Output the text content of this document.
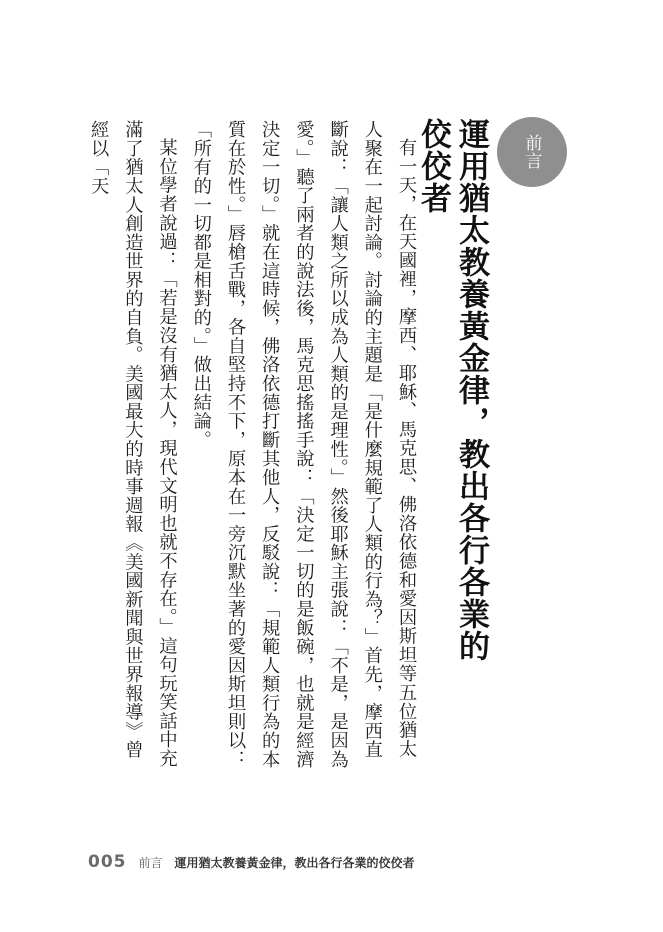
前言
運用猶太教養黃金律，教出各行各業的佼佼者

有一天，在天國裡，摩西、耶穌、馬克思、佛洛依德和愛因斯坦等五位猶太人聚在一起討論。討論的主題是「是什麼規範了人類的行為？」首先，摩西直斷說：「讓人類之所以成為人類的是理性。」然後耶穌主張說：「不是，是因為愛。」聽了兩者的說法後，馬克思搖搖手說：「決定一切的是飯碗，也就是經濟決定一切。」就在這時候，佛洛依德打斷其他人，反駁說：「規範人類行為的本質在於性。」唇槍舌戰，各自堅持不下，原本在一旁沉默坐著的愛因斯坦則以：「所有的一切都是相對的。」做出結論。

某位學者說過：「若是沒有猶太人，現代文明也就不存在。」這句玩笑話中充滿了猶太人創造世界的自負。美國最大的時事週報《美國新聞與世界報導》曾經以「天

005 前言 運用猶太教養黃金律，教出各行各業的佼佼者
